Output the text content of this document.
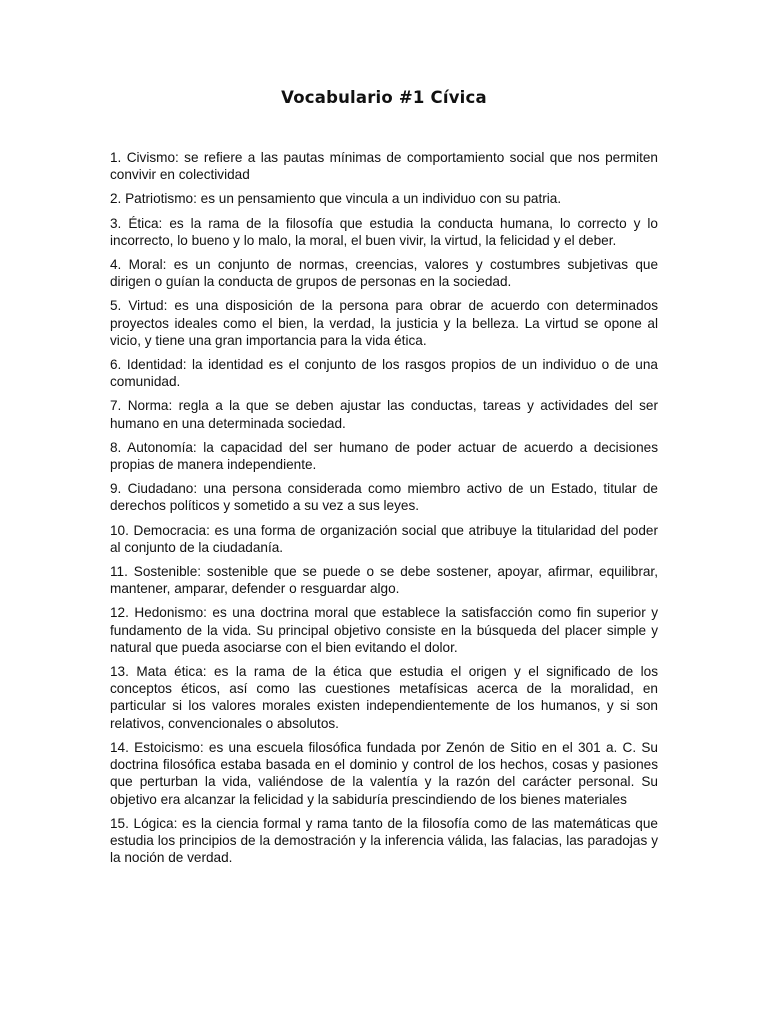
Vocabulario #1 Cívica
1. Civismo: se refiere a las pautas mínimas de comportamiento social que nos permiten convivir en colectividad
2. Patriotismo: es un pensamiento que vincula a un individuo con su patria.
3. Ética: es la rama de la filosofía que estudia la conducta humana, lo correcto y lo incorrecto, lo bueno y lo malo, la moral, el buen vivir, la virtud, la felicidad y el deber.
4. Moral: es un conjunto de normas, creencias, valores y costumbres subjetivas que dirigen o guían la conducta de grupos de personas en la sociedad.
5. Virtud: es una disposición de la persona para obrar de acuerdo con determinados proyectos ideales como el bien, la verdad, la justicia y la belleza. La virtud se opone al vicio, y tiene una gran importancia para la vida ética.
6. Identidad: la identidad es el conjunto de los rasgos propios de un individuo o de una comunidad.
7. Norma: regla a la que se deben ajustar las conductas, tareas y actividades del ser humano en una determinada sociedad.
8. Autonomía: la capacidad del ser humano de poder actuar de acuerdo a decisiones propias de manera independiente.
9. Ciudadano: una persona considerada como miembro activo de un Estado, titular de derechos políticos y sometido a su vez a sus leyes.
10. Democracia: es una forma de organización social que atribuye la titularidad del poder al conjunto de la ciudadanía.
11. Sostenible: sostenible que se puede o se debe sostener, apoyar, afirmar, equilibrar, mantener, amparar, defender o resguardar algo.
12. Hedonismo: es una doctrina moral que establece la satisfacción como fin superior y fundamento de la vida. Su principal objetivo consiste en la búsqueda del placer simple y natural que pueda asociarse con el bien evitando el dolor.
13. Mata ética: es la rama de la ética que estudia el origen y el significado de los conceptos éticos, así como las cuestiones metafísicas acerca de la moralidad, en particular si los valores morales existen independientemente de los humanos, y si son relativos, convencionales o absolutos.
14. Estoicismo: es una escuela filosófica fundada por Zenón de Sitio en el 301 a. C. Su doctrina filosófica estaba basada en el dominio y control de los hechos, cosas y pasiones que perturban la vida, valiéndose de la valentía y la razón del carácter personal. Su objetivo era alcanzar la felicidad y la sabiduría prescindiendo de los bienes materiales
15. Lógica: es la ciencia formal y rama tanto de la filosofía como de las matemáticas que estudia los principios de la demostración y la inferencia válida, las falacias, las paradojas y la noción de verdad.
